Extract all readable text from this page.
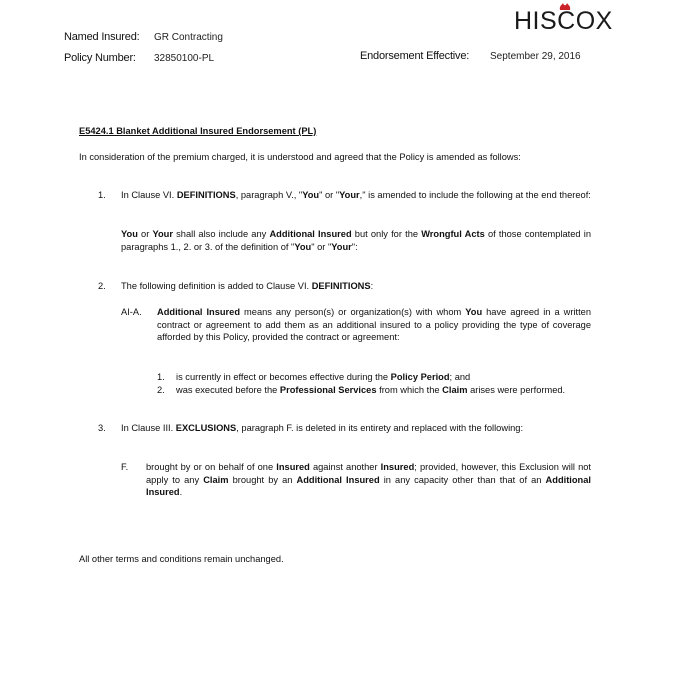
Named Insured: GR Contracting
Policy Number: 32850100-PL	Endorsement Effective: September 29, 2016
HISCOX
E5424.1 Blanket Additional Insured Endorsement (PL)
In consideration of the premium charged, it is understood and agreed that the Policy is amended as follows:
1. In Clause VI. DEFINITIONS, paragraph V., "You" or "Your," is amended to include the following at the end thereof:
You or Your shall also include any Additional Insured but only for the Wrongful Acts of those contemplated in paragraphs 1., 2. or 3. of the definition of "You" or "Your":
2. The following definition is added to Clause VI. DEFINITIONS:
AI-A. Additional Insured means any person(s) or organization(s) with whom You have agreed in a written contract or agreement to add them as an additional insured to a policy providing the type of coverage afforded by this Policy, provided the contract or agreement:
1. is currently in effect or becomes effective during the Policy Period; and
2. was executed before the Professional Services from which the Claim arises were performed.
3. In Clause III. EXCLUSIONS, paragraph F. is deleted in its entirety and replaced with the following:
F. brought by or on behalf of one Insured against another Insured; provided, however, this Exclusion will not apply to any Claim brought by an Additional Insured in any capacity other than that of an Additional Insured.
All other terms and conditions remain unchanged.
